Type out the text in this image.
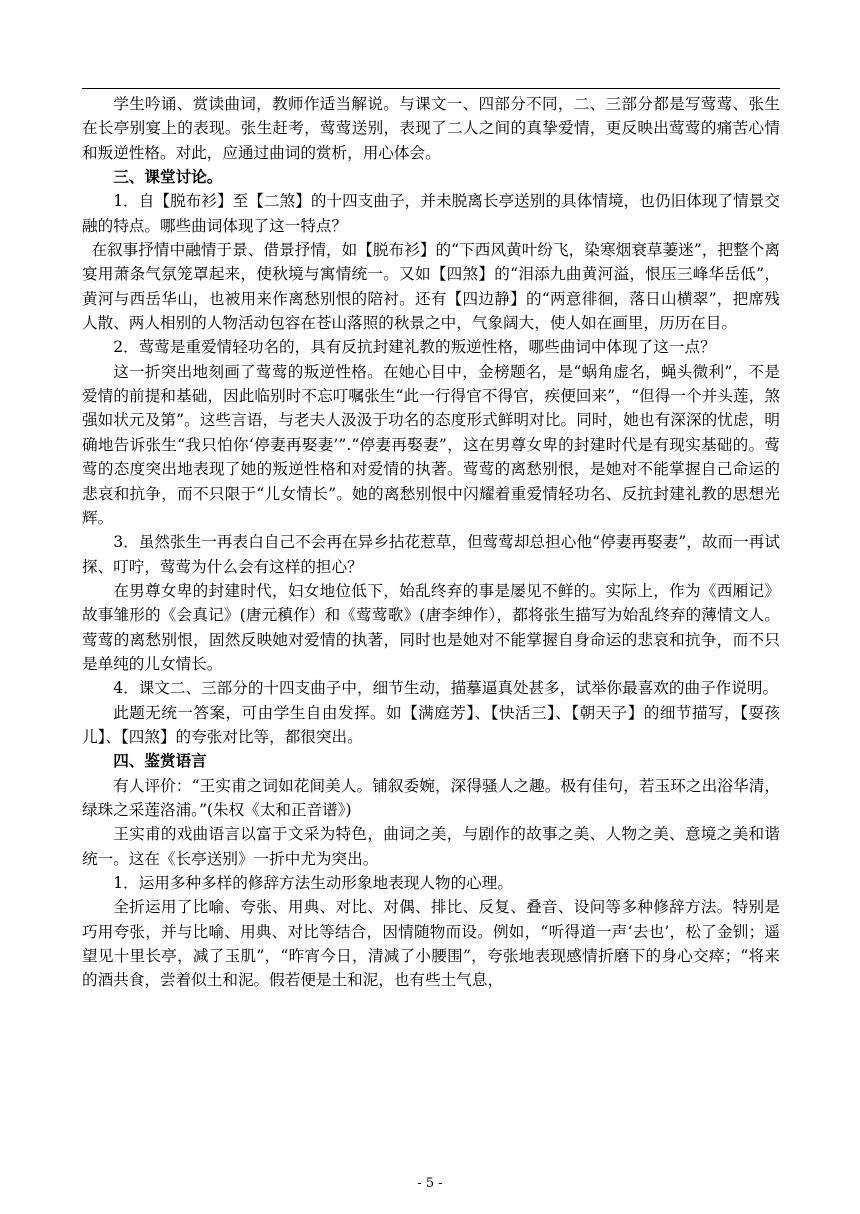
学生吟诵、赏读曲词，教师作适当解说。与课文一、四部分不同，二、三部分都是写莺莺、张生在长亭别宴上的表现。张生赶考，莺莺送别，表现了二人之间的真挚爱情，更反映出莺莺的痛苦心情和叛逆性格。对此，应通过曲词的赏析，用心体会。

三、课堂讨论。

1．自【脱布衫】至【二煞】的十四支曲子，并未脱离长亭送别的具体情境，也仍旧体现了情景交融的特点。哪些曲词体现了这一特点？

在叙事抒情中融情于景、借景抒情，如【脱布衫】的“下西风黄叶纷飞，染寒烟衰草萋迷”，把整个离宴用萧条气氛笼罩起来，使秋境与寓情统一。又如【四煞】的“泪添九曲黄河溢，恨压三峰华岳低”，黄河与西岳华山，也被用来作离愁别恨的陪衬。还有【四边静】的“两意徘徊，落日山横翠”，把席残人散、两人相别的人物活动包容在苍山落照的秋景之中，气象阔大，使人如在画里，历历在目。

2．莺莺是重爱情轻功名的，具有反抗封建礼教的叛逆性格，哪些曲词中体现了这一点？

这一折突出地刻画了莺莺的叛逆性格。在她心目中，金榜题名，是“蜗角虚名，蝇头微利”，不是爱情的前提和基础，因此临别时不忘叮嘱张生“此一行得官不得官，疾便回来”，“但得一个并头莲，煞强如状元及第”。这些言语，与老夫人汲汲于功名的态度形式鲜明对比。同时，她也有深深的忧虑，明确地告诉张生“我只怕你‘停妻再娶妻’”.“停妻再娶妻”，这在男尊女卑的封建时代是有现实基础的。莺莺的态度突出地表现了她的叛逆性格和对爱情的执著。莺莺的离愁别恨，是她对不能掌握自己命运的悲哀和抗争，而不只限于“儿女情长”。她的离愁别恨中闪耀着重爱情轻功名、反抗封建礼教的思想光辉。

3．虽然张生一再表白自己不会再在异乡拈花惹草，但莺莺却总担心他“停妻再娶妻”，故而一再试探、叮咛，莺莺为什么会有这样的担心？

在男尊女卑的封建时代，妇女地位低下，始乱终弃的事是屡见不鲜的。实际上，作为《西厢记》故事雏形的《会真记》(唐元稹作）和《莺莺歌》(唐李绅作），都将张生描写为始乱终弃的薄情文人。莺莺的离愁别恨，固然反映她对爱情的执著，同时也是她对不能掌握自身命运的悲哀和抗争，而不只是单纯的儿女情长。

4．课文二、三部分的十四支曲子中，细节生动，描摹逼真处甚多，试举你最喜欢的曲子作说明。

此题无统一答案，可由学生自由发挥。如【满庭芳】、【快活三】、【朝天子】的细节描写，【耍孩儿】、【四煞】的夸张对比等，都很突出。

四、鉴赏语言

有人评价：“王实甫之词如花间美人。铺叙委婉，深得骚人之趣。极有佳句，若玉环之出浴华清，绿珠之采莲洛浦。”(朱权《太和正音谱》)

王实甫的戏曲语言以富于文采为特色，曲词之美，与剧作的故事之美、人物之美、意境之美和谐统一。这在《长亭送别》一折中尤为突出。

1．运用多种多样的修辞方法生动形象地表现人物的心理。

全折运用了比喻、夸张、用典、对比、对偶、排比、反复、叠音、设问等多种修辞方法。特别是巧用夸张，并与比喻、用典、对比等结合，因情随物而设。例如，“听得道一声‘去也’，松了金钏；遥望见十里长亭，减了玉肌”，“昨宵今日，清减了小腰围”，夸张地表现感情折磨下的身心交瘁；“将来的酒共食，尝着似土和泥。假若便是土和泥，也有些土气息，

- 5 -
